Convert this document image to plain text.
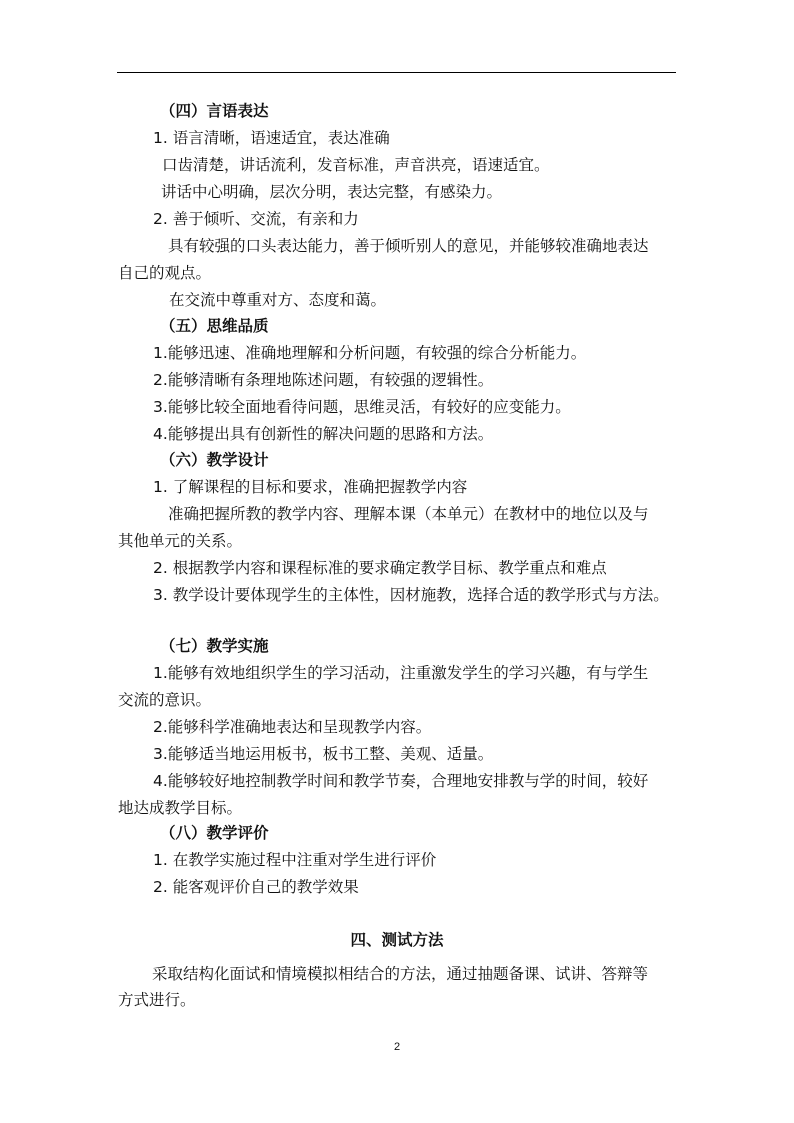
（四）言语表达
1. 语言清晰，语速适宜，表达准确
口齿清楚，讲话流利，发音标准，声音洪亮，语速适宜。
讲话中心明确，层次分明，表达完整，有感染力。
2. 善于倾听、交流，有亲和力
具有较强的口头表达能力，善于倾听别人的意见，并能够较准确地表达
自己的观点。
在交流中尊重对方、态度和蔼。
（五）思维品质
1.能够迅速、准确地理解和分析问题，有较强的综合分析能力。
2.能够清晰有条理地陈述问题，有较强的逻辑性。
3.能够比较全面地看待问题，思维灵活，有较好的应变能力。
4.能够提出具有创新性的解决问题的思路和方法。
（六）教学设计
1. 了解课程的目标和要求，准确把握教学内容
准确把握所教的教学内容、理解本课（本单元）在教材中的地位以及与
其他单元的关系。
2. 根据教学内容和课程标准的要求确定教学目标、教学重点和难点
3. 教学设计要体现学生的主体性，因材施教，选择合适的教学形式与方法。
（七）教学实施
1.能够有效地组织学生的学习活动，注重激发学生的学习兴趣，有与学生
交流的意识。
2.能够科学准确地表达和呈现教学内容。
3.能够适当地运用板书，板书工整、美观、适量。
4.能够较好地控制教学时间和教学节奏，合理地安排教与学的时间，较好
地达成教学目标。
（八）教学评价
1. 在教学实施过程中注重对学生进行评价
2. 能客观评价自己的教学效果
四、测试方法
采取结构化面试和情境模拟相结合的方法，通过抽题备课、试讲、答辩等
方式进行。
2
